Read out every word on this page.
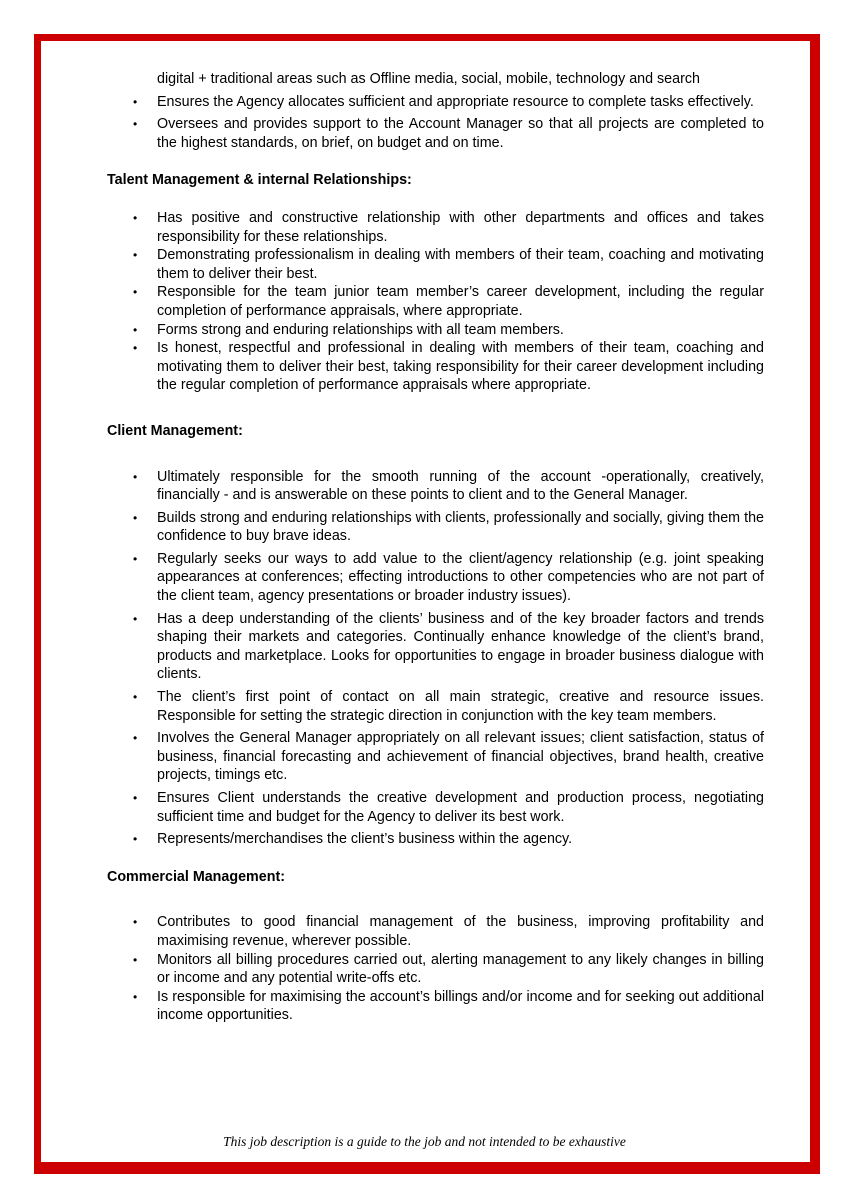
digital + traditional areas such as Offline media, social, mobile, technology and search

• Ensures the Agency allocates sufficient and appropriate resource to complete tasks effectively.
• Oversees and provides support to the Account Manager so that all projects are completed to the highest standards, on brief, on budget and on time.

Talent Management & internal Relationships:

• Has positive and constructive relationship with other departments and offices and takes responsibility for these relationships.
• Demonstrating professionalism in dealing with members of their team, coaching and motivating them to deliver their best.
• Responsible for the team junior team member’s career development, including the regular completion of performance appraisals, where appropriate.
• Forms strong and enduring relationships with all team members.
• Is honest, respectful and professional in dealing with members of their team, coaching and motivating them to deliver their best, taking responsibility for their career development including the regular completion of performance appraisals where appropriate.

Client Management:

• Ultimately responsible for the smooth running of the account -operationally, creatively, financially - and is answerable on these points to client and to the General Manager.
• Builds strong and enduring relationships with clients, professionally and socially, giving them the confidence to buy brave ideas.
• Regularly seeks our ways to add value to the client/agency relationship (e.g. joint speaking appearances at conferences; effecting introductions to other competencies who are not part of the client team, agency presentations or broader industry issues).
• Has a deep understanding of the clients’ business and of the key broader factors and trends shaping their markets and categories. Continually enhance knowledge of the client’s brand, products and marketplace. Looks for opportunities to engage in broader business dialogue with clients.
• The client’s first point of contact on all main strategic, creative and resource issues. Responsible for setting the strategic direction in conjunction with the key team members.
• Involves the General Manager appropriately on all relevant issues; client satisfaction, status of business, financial forecasting and achievement of financial objectives, brand health, creative projects, timings etc.
• Ensures Client understands the creative development and production process, negotiating sufficient time and budget for the Agency to deliver its best work.
• Represents/merchandises the client’s business within the agency.

Commercial Management:

• Contributes to good financial management of the business, improving profitability and maximising revenue, wherever possible.
• Monitors all billing procedures carried out, alerting management to any likely changes in billing or income and any potential write-offs etc.
• Is responsible for maximising the account’s billings and/or income and for seeking out additional income opportunities.
This job description is a guide to the job and not intended to be exhaustive
